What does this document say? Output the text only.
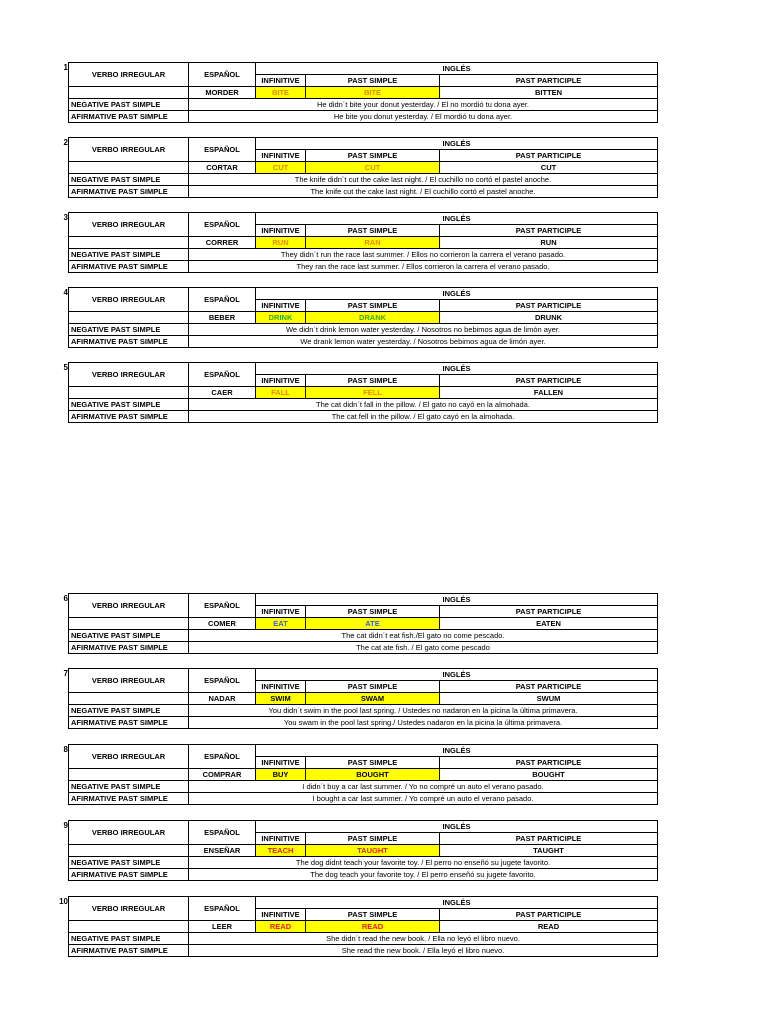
1
VERBO IRREGULAR	ESPAÑOL	INGLÉS		
		INFINITIVE	PAST SIMPLE	PAST PARTICIPLE
	MORDER	BITE	BITE	BITTEN
NEGATIVE PAST SIMPLE	He didn´t bite your donut yesterday. / El no mordió tu dona ayer.			
AFIRMATIVE PAST SIMPLE	He bite you donut yesterday. / El mordió tu dona ayer.			
2
VERBO IRREGULAR	ESPAÑOL	INGLÉS		
		INFINITIVE	PAST SIMPLE	PAST PARTICIPLE
	CORTAR	CUT	CUT	CUT
NEGATIVE PAST SIMPLE	The knife didn´t cut the cake last night. / El cuchillo no cortó el pastel anoche.			
AFIRMATIVE PAST SIMPLE	The knife cut the cake last night. / El cuchillo cortó el pastel anoche.			
3
VERBO IRREGULAR	ESPAÑOL	INGLÉS		
		INFINITIVE	PAST SIMPLE	PAST PARTICIPLE
	CORRER	RUN	RAN	RUN
NEGATIVE PAST SIMPLE	They didn´t run the race last summer. / Ellos no corrieron la carrera el verano pasado.			
AFIRMATIVE PAST SIMPLE	They ran the race last summer. / Ellos corrieron la carrera el verano pasado.			
4
VERBO IRREGULAR	ESPAÑOL	INGLÉS		
		INFINITIVE	PAST SIMPLE	PAST PARTICIPLE
	BEBER	DRINK	DRANK	DRUNK
NEGATIVE PAST SIMPLE	We didn´t drink lemon water yesterday. / Nosotros no bebimos agua de limón ayer.			
AFIRMATIVE PAST SIMPLE	We drank lemon water yesterday. / Nosotros bebimos agua de limón ayer.			
5
VERBO IRREGULAR	ESPAÑOL	INGLÉS		
		INFINITIVE	PAST SIMPLE	PAST PARTICIPLE
	CAER	FALL	FELL	FALLEN
NEGATIVE PAST SIMPLE	The cat didn´t fall in the pillow. / El gato no cayó en la almohada.			
AFIRMATIVE PAST SIMPLE	The cat fell in the pillow. / El gato cayó en la almohada.			
6
VERBO IRREGULAR	ESPAÑOL	INGLÉS		
		INFINITIVE	PAST SIMPLE	PAST PARTICIPLE
	COMER	EAT	ATE	EATEN
NEGATIVE PAST SIMPLE	The cat didn´t eat fish./El gato no come pescado.			
AFIRMATIVE PAST SIMPLE	The cat ate fish. / El gato come pescado			
7
VERBO IRREGULAR	ESPAÑOL	INGLÉS		
		INFINITIVE	PAST SIMPLE	PAST PARTICIPLE
	NADAR	SWIM	SWAM	SWUM
NEGATIVE PAST SIMPLE	You didn´t swim in the pool last spring. / Ustedes no nadaron en la picina la última primavera.			
AFIRMATIVE PAST SIMPLE	You swam in the pool last spring./ Ustedes nadaron en la picina la última primavera.			
8
VERBO IRREGULAR	ESPAÑOL	INGLÉS		
		INFINITIVE	PAST SIMPLE	PAST PARTICIPLE
	COMPRAR	BUY	BOUGHT	BOUGHT
NEGATIVE PAST SIMPLE	I didn´t buy a car last summer. / Yo no compré un auto el verano pasado.			
AFIRMATIVE PAST SIMPLE	I bought a car last summer. / Yo compré un auto el verano pasado.			
9
VERBO IRREGULAR	ESPAÑOL	INGLÉS		
		INFINITIVE	PAST SIMPLE	PAST PARTICIPLE
	ENSEÑAR	TEACH	TAUGHT	TAUGHT
NEGATIVE PAST SIMPLE	The dog didnt teach your favorite toy. / El perro no enseñó su jugete favorito.			
AFIRMATIVE PAST SIMPLE	The dog teach your favorite toy. / El perro enseñó su jugete favorito.			
10
VERBO IRREGULAR	ESPAÑOL	INGLÉS		
		INFINITIVE	PAST SIMPLE	PAST PARTICIPLE
	LEER	READ	READ	READ
NEGATIVE PAST SIMPLE	She didn´t read the new book. / Ella no leyó el libro nuevo.			
AFIRMATIVE PAST SIMPLE	She read the new book. / Ella leyó el libro nuevo.			
